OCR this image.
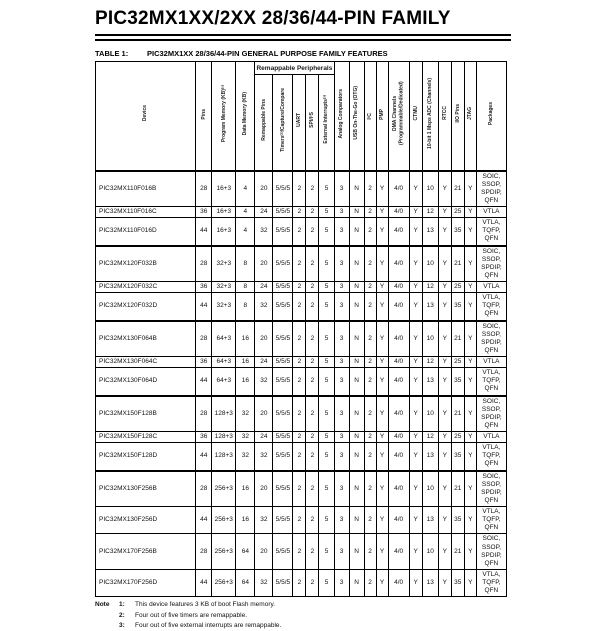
PIC32MX1XX/2XX 28/36/44-PIN FAMILY
TABLE 1:	PIC32MX1XX 28/36/44-PIN GENERAL PURPOSE FAMILY FEATURES
Device	Pins	Program Memory (KB)⁽¹⁾	Data Memory (KB)	Remappable Peripherals					Analog Comparators	USB On-The-Go (OTG)	I²C	PMP	DMA Channels (Programmable/Dedicated)	CTMU	10-bit 1 Msps ADC (Channels)	RTCC	I/O Pins	JTAG	Packages
				Remappable Pins	Timers⁽²⁾/Capture/Compare	UART	SPI/I²S	External Interrupts⁽³⁾											
PIC32MX110F016B	28	16+3	4	20	5/5/5	2	2	5	3	N	2	Y	4/0	Y	10	Y	21	Y	SOIC, SSOP, SPDIP, QFN
PIC32MX110F016C	36	16+3	4	24	5/5/5	2	2	5	3	N	2	Y	4/0	Y	12	Y	25	Y	VTLA
PIC32MX110F016D	44	16+3	4	32	5/5/5	2	2	5	3	N	2	Y	4/0	Y	13	Y	35	Y	VTLA, TQFP, QFN
PIC32MX120F032B	28	32+3	8	20	5/5/5	2	2	5	3	N	2	Y	4/0	Y	10	Y	21	Y	SOIC, SSOP, SPDIP, QFN
PIC32MX120F032C	36	32+3	8	24	5/5/5	2	2	5	3	N	2	Y	4/0	Y	12	Y	25	Y	VTLA
PIC32MX120F032D	44	32+3	8	32	5/5/5	2	2	5	3	N	2	Y	4/0	Y	13	Y	35	Y	VTLA, TQFP, QFN
PIC32MX130F064B	28	64+3	16	20	5/5/5	2	2	5	3	N	2	Y	4/0	Y	10	Y	21	Y	SOIC, SSOP, SPDIP, QFN
PIC32MX130F064C	36	64+3	16	24	5/5/5	2	2	5	3	N	2	Y	4/0	Y	12	Y	25	Y	VTLA
PIC32MX130F064D	44	64+3	16	32	5/5/5	2	2	5	3	N	2	Y	4/0	Y	13	Y	35	Y	VTLA, TQFP, QFN
PIC32MX150F128B	28	128+3	32	20	5/5/5	2	2	5	3	N	2	Y	4/0	Y	10	Y	21	Y	SOIC, SSOP, SPDIP, QFN
PIC32MX150F128C	36	128+3	32	24	5/5/5	2	2	5	3	N	2	Y	4/0	Y	12	Y	25	Y	VTLA
PIC32MX150F128D	44	128+3	32	32	5/5/5	2	2	5	3	N	2	Y	4/0	Y	13	Y	35	Y	VTLA, TQFP, QFN
PIC32MX130F256B	28	256+3	16	20	5/5/5	2	2	5	3	N	2	Y	4/0	Y	10	Y	21	Y	SOIC, SSOP, SPDIP, QFN
PIC32MX130F256D	44	256+3	16	32	5/5/5	2	2	5	3	N	2	Y	4/0	Y	13	Y	35	Y	VTLA, TQFP, QFN
PIC32MX170F256B	28	256+3	64	20	5/5/5	2	2	5	3	N	2	Y	4/0	Y	10	Y	21	Y	SOIC, SSOP, SPDIP, QFN
PIC32MX170F256D	44	256+3	64	32	5/5/5	2	2	5	3	N	2	Y	4/0	Y	13	Y	35	Y	VTLA, TQFP, QFN
Note	1:	This device features 3 KB of boot Flash memory.
2:	Four out of five timers are remappable.
3:	Four out of five external interrupts are remappable.
